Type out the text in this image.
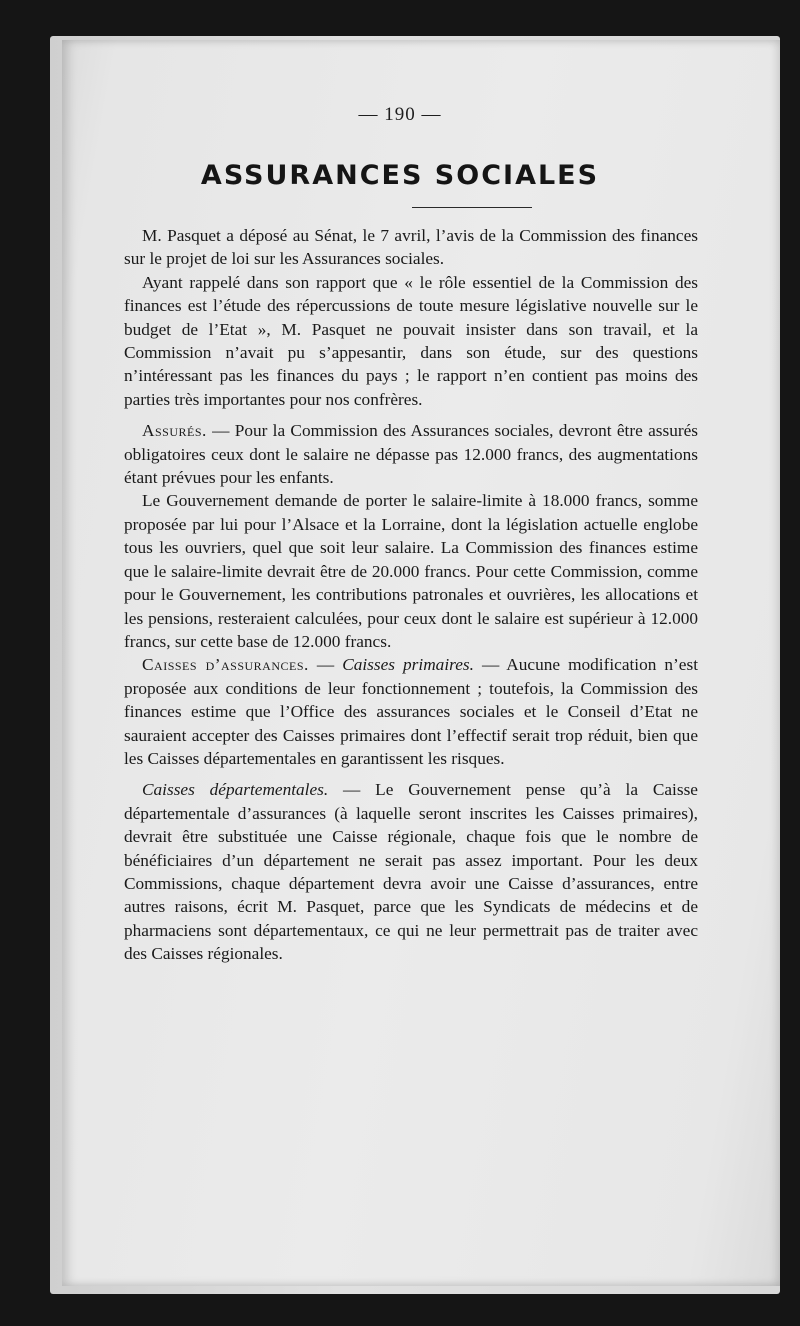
— 190 —
ASSURANCES SOCIALES

M. Pasquet a déposé au Sénat, le 7 avril, l’avis de la Commission des finances sur le projet de loi sur les Assurances sociales.

Ayant rappelé dans son rapport que « le rôle essentiel de la Commission des finances est l’étude des répercussions de toute mesure législative nouvelle sur le budget de l’Etat », M. Pasquet ne pouvait insister dans son travail, et la Commission n’avait pu s’appesantir, dans son étude, sur des questions n’intéressant pas les finances du pays ; le rapport n’en contient pas moins des parties très importantes pour nos confrères.

Assurés. — Pour la Commission des Assurances sociales, devront être assurés obligatoires ceux dont le salaire ne dépasse pas 12.000 francs, des augmentations étant prévues pour les enfants.

Le Gouvernement demande de porter le salaire-limite à 18.000 francs, somme proposée par lui pour l’Alsace et la Lorraine, dont la législation actuelle englobe tous les ouvriers, quel que soit leur salaire. La Commission des finances estime que le salaire-limite devrait être de 20.000 francs. Pour cette Commission, comme pour le Gouvernement, les contributions patronales et ouvrières, les allocations et les pensions, resteraient calculées, pour ceux dont le salaire est supérieur à 12.000 francs, sur cette base de 12.000 francs.

Caisses d’assurances. — Caisses primaires. — Aucune modification n’est proposée aux conditions de leur fonctionnement ; toutefois, la Commission des finances estime que l’Office des assurances sociales et le Conseil d’Etat ne sauraient accepter des Caisses primaires dont l’effectif serait trop réduit, bien que les Caisses départementales en garantissent les risques.

Caisses départementales. — Le Gouvernement pense qu’à la Caisse départementale d’assurances (à laquelle seront inscrites les Caisses primaires), devrait être substituée une Caisse régionale, chaque fois que le nombre de bénéficiaires d’un département ne serait pas assez important. Pour les deux Commissions, chaque département devra avoir une Caisse d’assurances, entre autres raisons, écrit M. Pasquet, parce que les Syndicats de médecins et de pharmaciens sont départementaux, ce qui ne leur permettrait pas de traiter avec des Caisses régionales.
